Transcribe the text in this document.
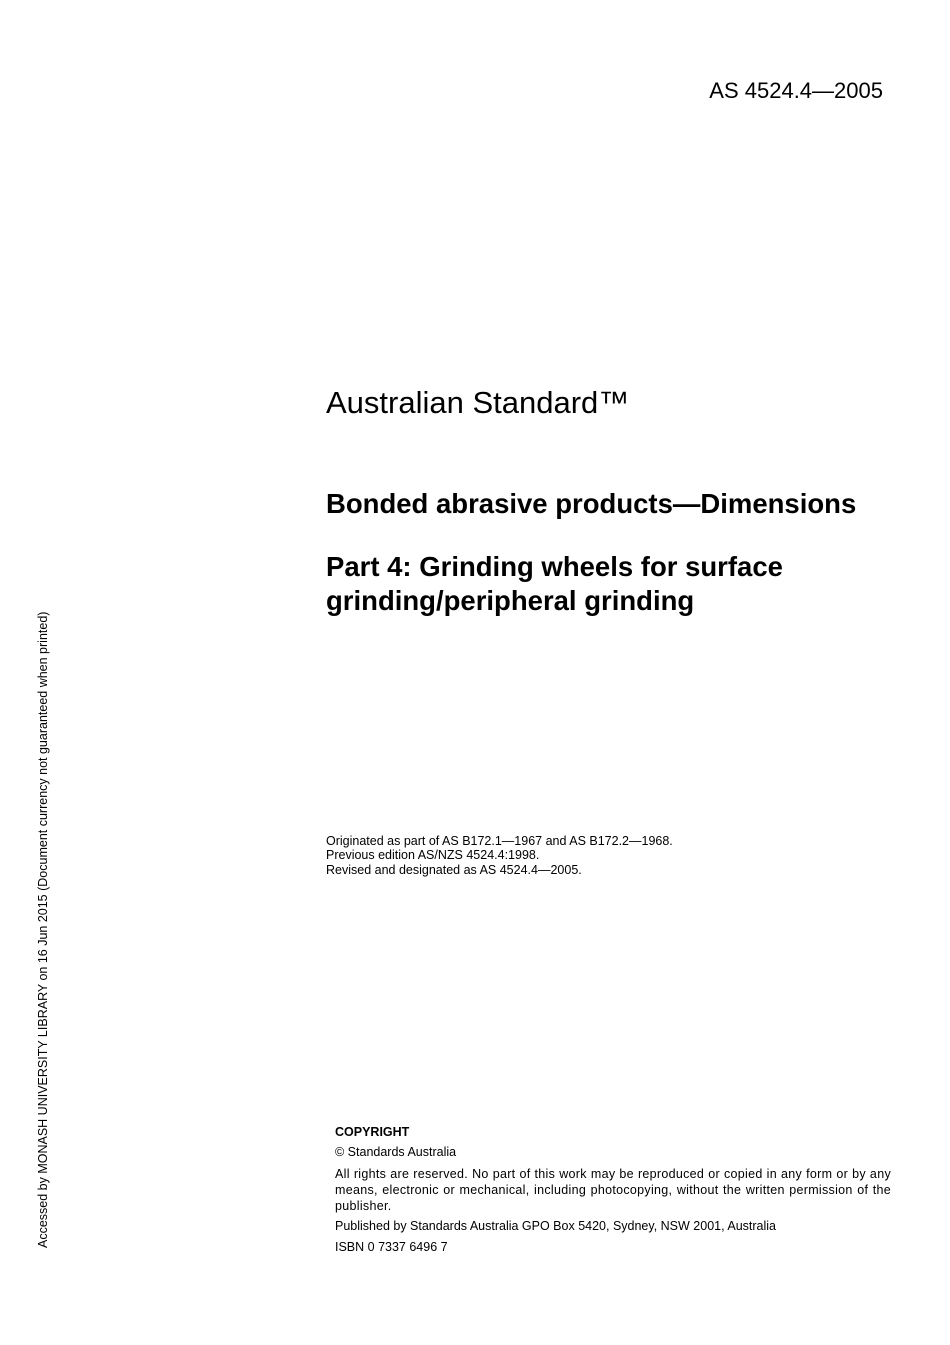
AS 4524.4—2005
Accessed by MONASH UNIVERSITY LIBRARY on 16 Jun 2015 (Document currency not guaranteed when printed)
Australian Standard™
Bonded abrasive products—Dimensions
Part 4: Grinding wheels for surface grinding/peripheral grinding
Originated as part of AS B172.1—1967 and AS B172.2—1968.
Previous edition AS/NZS 4524.4:1998.
Revised and designated as AS 4524.4—2005.
COPYRIGHT
© Standards Australia
All rights are reserved. No part of this work may be reproduced or copied in any form or by any means, electronic or mechanical, including photocopying, without the written permission of the publisher.
Published by Standards Australia GPO Box 5420, Sydney, NSW 2001, Australia
ISBN 0 7337 6496 7
